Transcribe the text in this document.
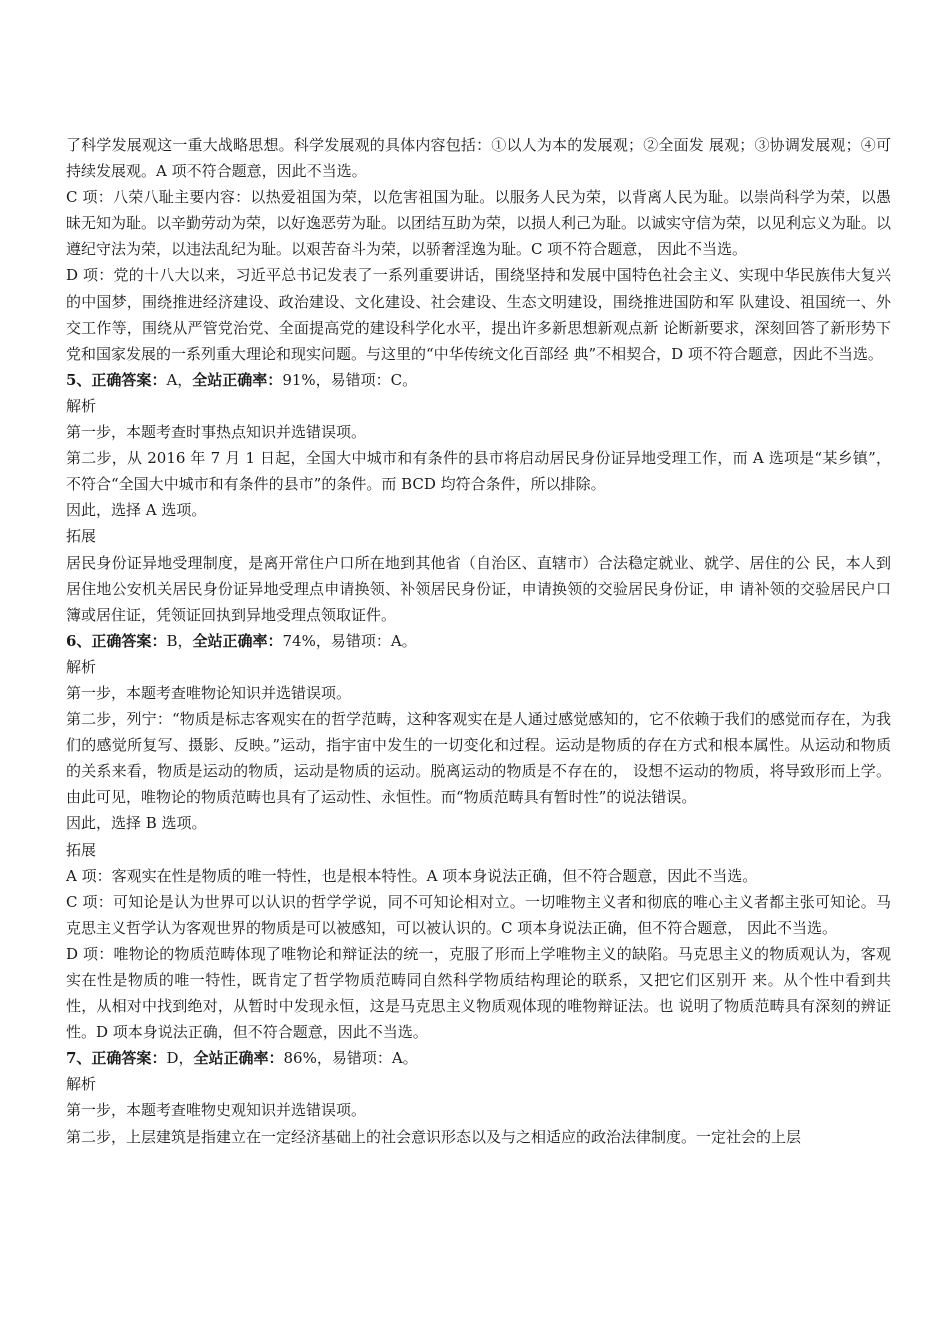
了科学发展观这一重大战略思想。科学发展观的具体内容包括：①以人为本的发展观；②全面发 展观；③协调发展观；④可持续发展观。A 项不符合题意，因此不当选。

C 项：八荣八耻主要内容：以热爱祖国为荣，以危害祖国为耻。以服务人民为荣，以背离人民为耻。以崇尚科学为荣，以愚昧无知为耻。以辛勤劳动为荣，以好逸恶劳为耻。以团结互助为荣，以损人利己为耻。以诚实守信为荣，以见利忘义为耻。以遵纪守法为荣，以违法乱纪为耻。以艰苦奋斗为荣，以骄奢淫逸为耻。C 项不符合题意， 因此不当选。

D 项：党的十八大以来，习近平总书记发表了一系列重要讲话，围绕坚持和发展中国特色社会主义、实现中华民族伟大复兴的中国梦，围绕推进经济建设、政治建设、文化建设、社会建设、生态文明建设，围绕推进国防和军 队建设、祖国统一、外交工作等，围绕从严管党治党、全面提高党的建设科学化水平，提出许多新思想新观点新 论断新要求，深刻回答了新形势下党和国家发展的一系列重大理论和现实问题。与这里的“中华传统文化百部经 典”不相契合，D 项不符合题意，因此不当选。

5、正确答案：A，全站正确率：91%，易错项：C。

解析

第一步，本题考查时事热点知识并选错误项。

第二步，从 2016 年 7 月 1 日起，全国大中城市和有条件的县市将启动居民身份证异地受理工作，而 A 选项是“某乡镇”，不符合“全国大中城市和有条件的县市”的条件。而 BCD 均符合条件，所以排除。

因此，选择 A 选项。

拓展

居民身份证异地受理制度，是离开常住户口所在地到其他省（自治区、直辖市）合法稳定就业、就学、居住的公 民，本人到居住地公安机关居民身份证异地受理点申请换领、补领居民身份证，申请换领的交验居民身份证，申 请补领的交验居民户口簿或居住证，凭领证回执到异地受理点领取证件。

6、正确答案：B，全站正确率：74%，易错项：A。

解析

第一步，本题考查唯物论知识并选错误项。

第二步，列宁：“物质是标志客观实在的哲学范畴，这种客观实在是人通过感觉感知的，它不依赖于我们的感觉而存在，为我们的感觉所复写、摄影、反映。”运动，指宇宙中发生的一切变化和过程。运动是物质的存在方式和根本属性。从运动和物质的关系来看，物质是运动的物质，运动是物质的运动。脱离运动的物质是不存在的， 设想不运动的物质，将导致形而上学。由此可见，唯物论的物质范畴也具有了运动性、永恒性。而“物质范畴具有暂时性”的说法错误。

因此，选择 B 选项。

拓展

A 项：客观实在性是物质的唯一特性，也是根本特性。A 项本身说法正确，但不符合题意，因此不当选。

C 项：可知论是认为世界可以认识的哲学学说，同不可知论相对立。一切唯物主义者和彻底的唯心主义者都主张可知论。马克思主义哲学认为客观世界的物质是可以被感知，可以被认识的。C 项本身说法正确，但不符合题意， 因此不当选。

D 项：唯物论的物质范畴体现了唯物论和辩证法的统一，克服了形而上学唯物主义的缺陷。马克思主义的物质观认为，客观实在性是物质的唯一特性，既肯定了哲学物质范畴同自然科学物质结构理论的联系，又把它们区别开 来。从个性中看到共性，从相对中找到绝对，从暂时中发现永恒，这是马克思主义物质观体现的唯物辩证法。也 说明了物质范畴具有深刻的辨证性。D 项本身说法正确，但不符合题意，因此不当选。

7、正确答案：D，全站正确率：86%，易错项：A。

解析

第一步，本题考查唯物史观知识并选错误项。

第二步，上层建筑是指建立在一定经济基础上的社会意识形态以及与之相适应的政治法律制度。一定社会的上层
